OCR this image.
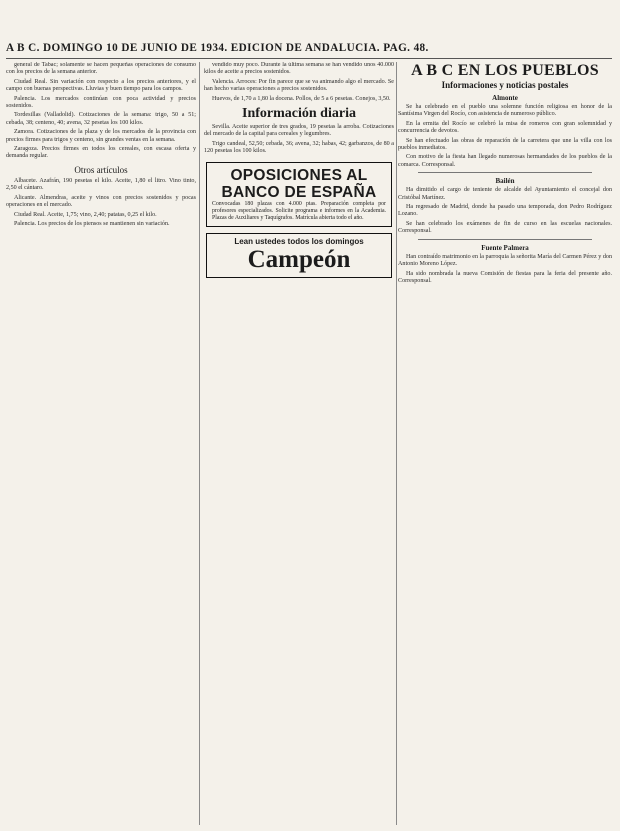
A B C. DOMINGO 10 DE JUNIO DE 1934. EDICION DE ANDALUCIA. PAG. 48.

general de Tabac; solamente se hacen pequeñas operaciones de consumo con los precios de la semana anterior.

Ciudad Real. Sin variación con respecto a los precios anteriores, y el campo con buenas perspectivas. Lluvias y buen tiempo para los campos.

Palencia. Los mercados continúan con poca actividad y precios sostenidos.

Tordesillas (Valladolid). Cotizaciones de la semana: trigo, 50 a 51; cebada, 38; centeno, 40; avena, 32 pesetas los 100 kilos.

Zamora. Cotizaciones de la plaza y de los mercados de la provincia con precios firmes para trigos y centeno, sin grandes ventas en la semana.

Zaragoza. Precios firmes en todos los cereales, con escasa oferta y demanda regular.

Otros artículos

Albacete. Azafrán, 190 pesetas el kilo. Aceite, 1,80 el litro. Vino tinto, 2,50 el cántaro.

Alicante. Almendras, aceite y vinos con precios sostenidos y pocas operaciones en el mercado.

Ciudad Real. Aceite, 1,75; vino, 2,40; patatas, 0,25 el kilo.

Palencia. Los precios de los piensos se mantienen sin variación.

vendido muy poco. Durante la última semana se han vendido unos 40.000 kilos de aceite a precios sostenidos.

Valencia. Arroces: Por fin parece que se va animando algo el mercado. Se han hecho varias operaciones a precios sostenidos.

Huevos, de 1,70 a 1,80 la docena. Pollos, de 5 a 6 pesetas. Conejos, 3,50.

Información diaria

Sevilla. Aceite superior de tres grados, 19 pesetas la arroba. Cotizaciones del mercado de la capital para cereales y legumbres.

Trigo candeal, 52,50; cebada, 36; avena, 32; habas, 42; garbanzos, de 80 a 120 pesetas los 100 kilos.

OPOSICIONES AL BANCO DE ESPAÑA
Convocadas 180 plazas con 4.000 ptas. Preparación completa por profesores especializados. Solicite programa e informes en la Academia. Plazas de Auxiliares y Taquígrafos. Matrícula abierta todo el año.
Lean ustedes todos los domingos
Campeón
A B C EN LOS PUEBLOS
Informaciones y noticias postales
Almonte

Se ha celebrado en el pueblo una solemne función religiosa en honor de la Santísima Virgen del Rocío, con asistencia de numeroso público.

En la ermita del Rocío se celebró la misa de romeros con gran solemnidad y concurrencia de devotos.

Se han efectuado las obras de reparación de la carretera que une la villa con los pueblos inmediatos.

Con motivo de la fiesta han llegado numerosas hermandades de los pueblos de la comarca. Corresponsal.

Bailén

Ha dimitido el cargo de teniente de alcalde del Ayuntamiento el concejal don Cristóbal Martínez.

Ha regresado de Madrid, donde ha pasado una temporada, don Pedro Rodríguez Lozano.

Se han celebrado los exámenes de fin de curso en las escuelas nacionales. Corresponsal.

Fuente Palmera

Han contraído matrimonio en la parroquia la señorita María del Carmen Pérez y don Antonio Moreno López.

Ha sido nombrada la nueva Comisión de fiestas para la feria del presente año. Corresponsal.
